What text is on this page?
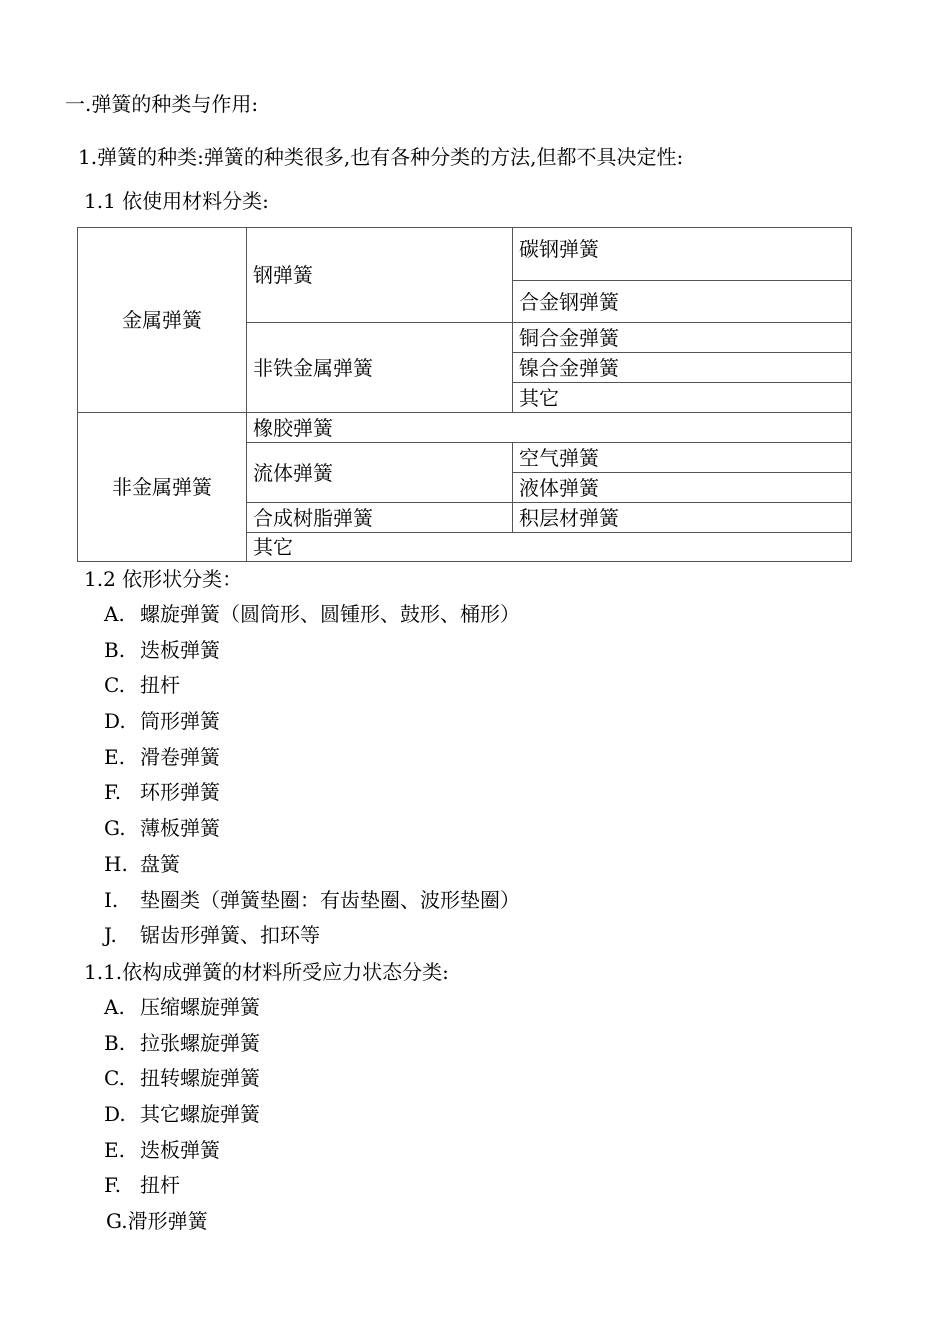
一.弹簧的种类与作用:
1.弹簧的种类:弹簧的种类很多,也有各种分类的方法,但都不具决定性:
1.1 依使用材料分类:
金属弹簧	钢弹簧	碳钢弹簧
		合金钢弹簧
	非铁金属弹簧	铜合金弹簧
		镍合金弹簧
		其它
非金属弹簧	橡胶弹簧	
	流体弹簧	空气弹簧
		液体弹簧
	合成树脂弹簧	积层材弹簧
	其它	
1.2 依形状分类：
A. 螺旋弹簧（圆筒形、圆锺形、鼓形、桶形）
B. 迭板弹簧
C. 扭杆
D. 筒形弹簧
E. 滑卷弹簧
F. 环形弹簧
G. 薄板弹簧
H. 盘簧
I. 垫圈类（弹簧垫圈：有齿垫圈、波形垫圈）
J. 锯齿形弹簧、扣环等
1.1.依构成弹簧的材料所受应力状态分类:
A. 压缩螺旋弹簧
B. 拉张螺旋弹簧
C. 扭转螺旋弹簧
D. 其它螺旋弹簧
E. 迭板弹簧
F. 扭杆
G.滑形弹簧
